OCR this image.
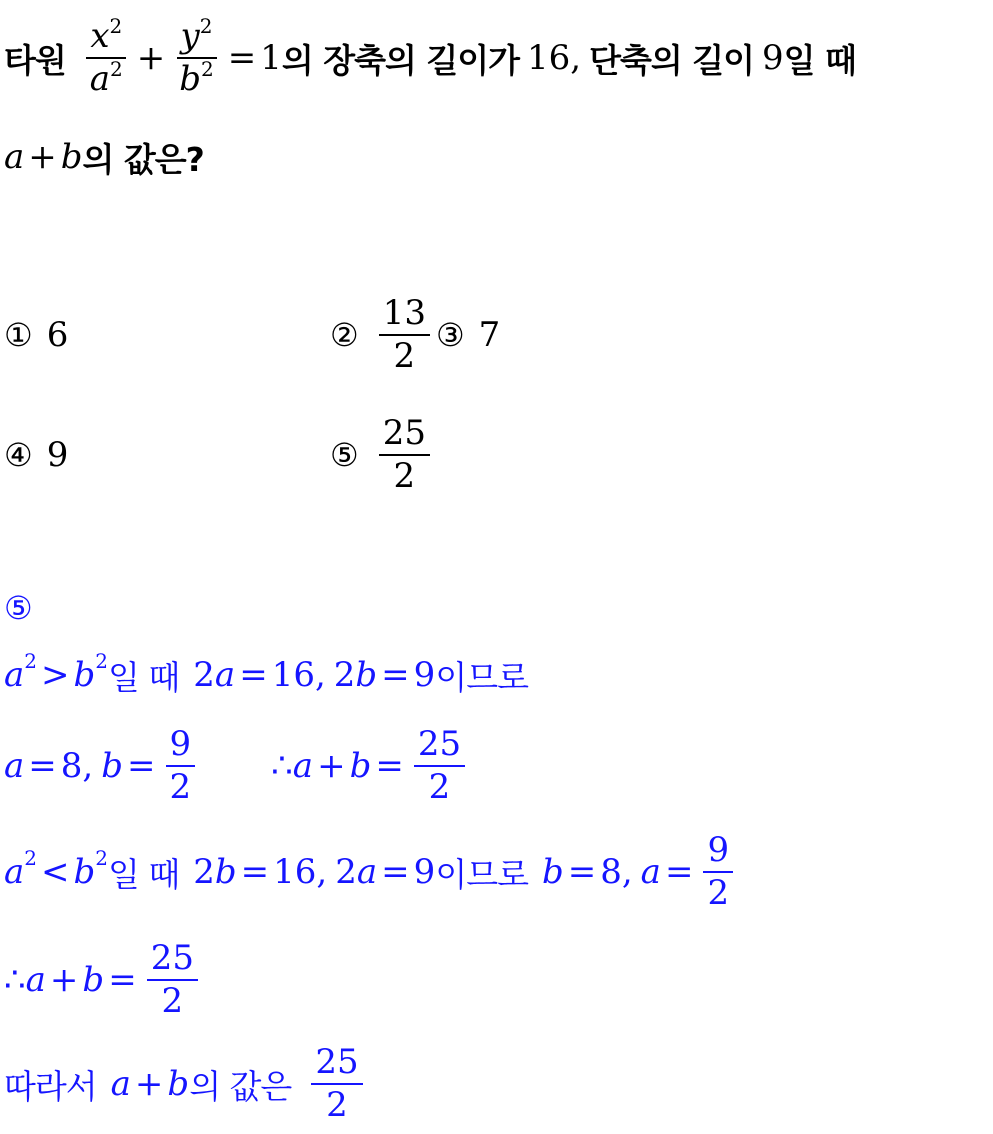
타원 $\frac{x^2}{a^2} + \frac{y^2}{b^2} = 1$ 의 장축의 길이가 16, 단축의 길이 9 일 때
a + b 의 값은?
① 6	② $\frac{13}{2}$ ③ 7
④ 9	⑤ $\frac{25}{2}$
⑤
a 2 > b 2 일 때 2 a = 16, 2 b = 9 이므로
a = 8, $b = \frac{9}{2}$ ∴ $a + b = \frac{25}{2}$
a 2 < b 2 일 때 2 b = 16, 2 a = 9 이므로 b = 8, $a = \frac{9}{2}$
∴ $a + b = \frac{25}{2}$
따라서 a + b 의 값은 $\frac{25}{2}$
